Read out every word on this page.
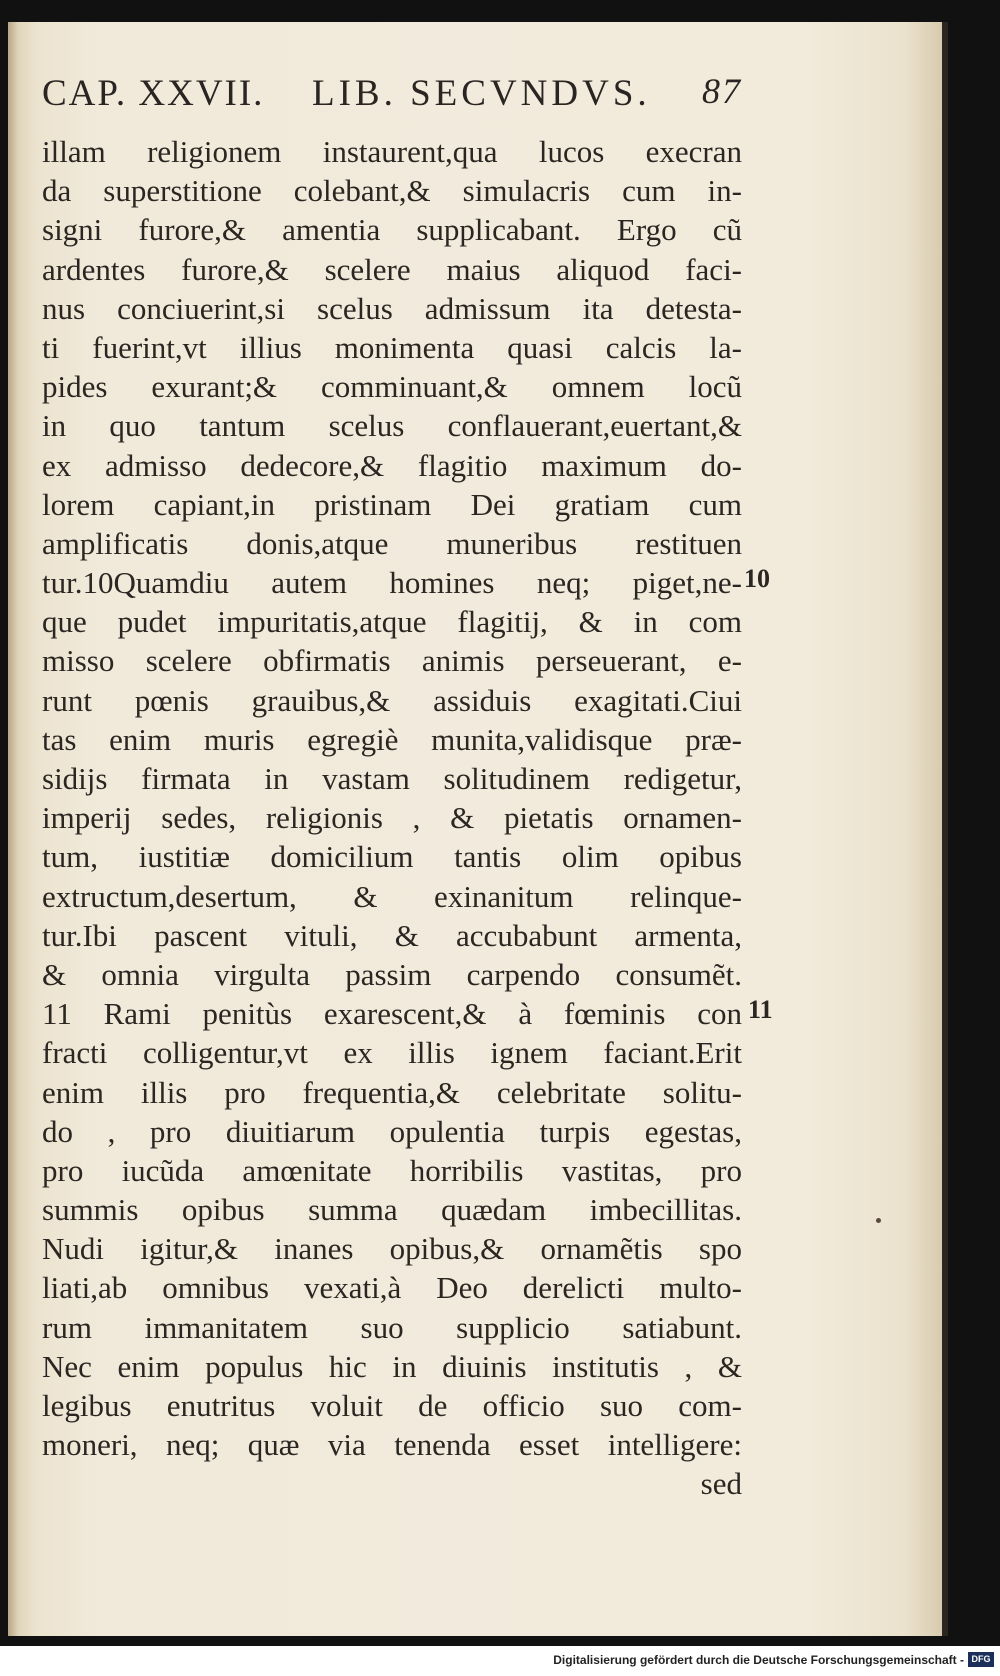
CAP. XXVII. LIB. SECVNDVS. 87
illam religionem instaurent,qua lucos execran
da superstitione colebant,& simulacris cum in-
signi furore,& amentia supplicabant. Ergo cũ
ardentes furore,& scelere maius aliquod faci-
nus conciuerint,si scelus admissum ita detesta-
ti fuerint,vt illius monimenta quasi calcis la-
pides exurant;& comminuant,& omnem locũ
in quo tantum scelus conflauerant,euertant,&
ex admisso dedecore,& flagitio maximum do-
lorem capiant,in pristinam Dei gratiam cum
amplificatis donis,atque muneribus restituen
tur.10Quamdiu autem homines neq; piget,ne-
que pudet impuritatis,atque flagitij, & in com
misso scelere obfirmatis animis perseuerant, e-
runt pœnis grauibus,& assiduis exagitati.Ciui
tas enim muris egregiè munita,validisque præ-
sidijs firmata in vastam solitudinem redigetur,
imperij sedes, religionis , & pietatis ornamen-
tum, iustitiæ domicilium tantis olim opibus
extructum,desertum, & exinanitum relinque-
tur.Ibi pascent vituli, & accubabunt armenta,
& omnia virgulta passim carpendo consumẽt.
11 Rami penitùs exarescent,& à fœminis con
fracti colligentur,vt ex illis ignem faciant.Erit
enim illis pro frequentia,& celebritate solitu-
do , pro diuitiarum opulentia turpis egestas,
pro iucũda amœnitate horribilis vastitas, pro
summis opibus summa quædam imbecillitas.
Nudi igitur,& inanes opibus,& ornamẽtis spo
liati,ab omnibus vexati,à Deo derelicti multo-
rum immanitatem suo supplicio satiabunt.
Nec enim populus hic in diuinis institutis , &
legibus enutritus voluit de officio suo com-
moneri, neq; quæ via tenenda esset intelligere:
sed
10
11
Digitalisierung gefördert durch die Deutsche Forschungsgemeinschaft - DFG
